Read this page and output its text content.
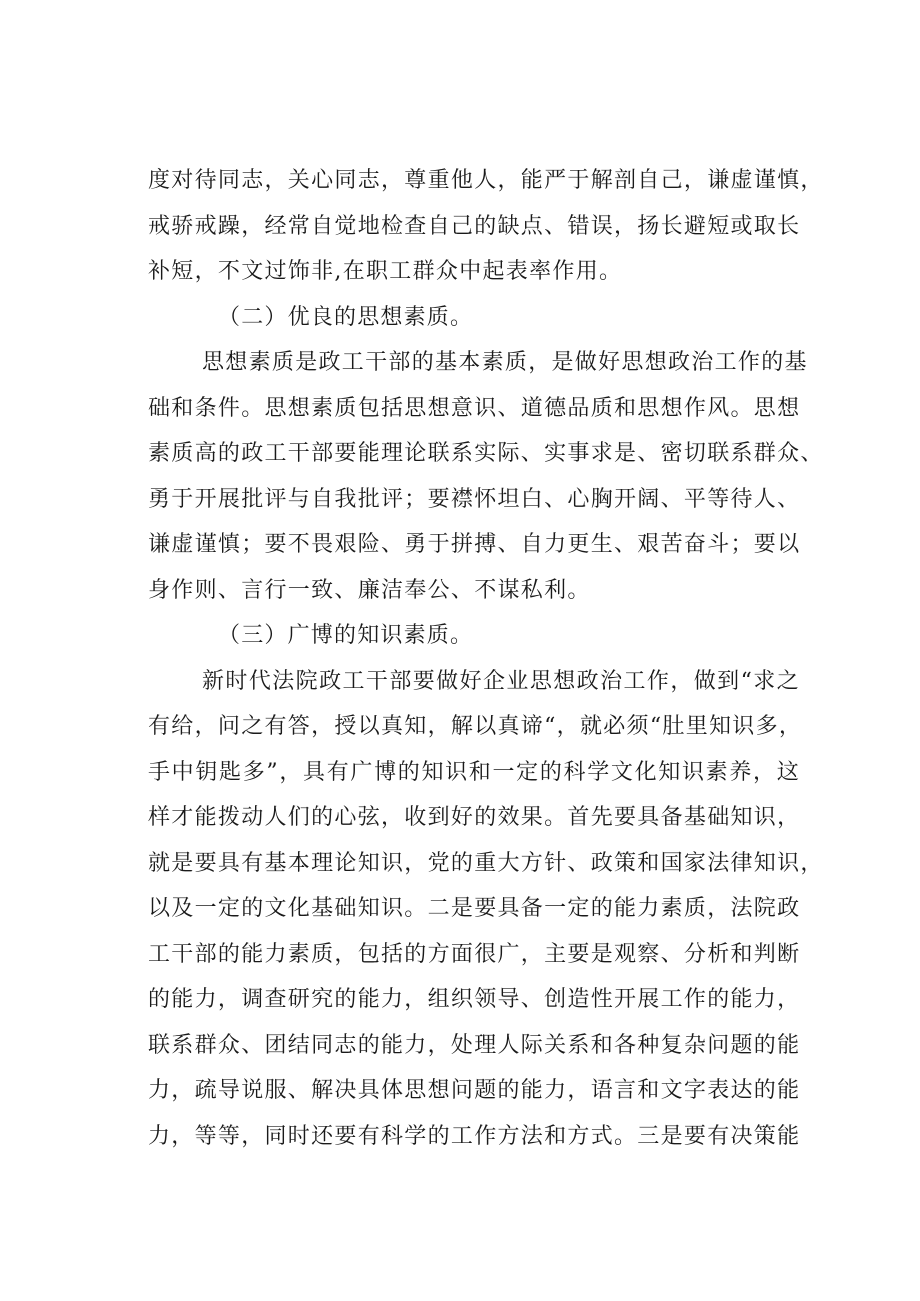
度对待同志，关心同志，尊重他人，能严于解剖自己，谦虚谨慎，
戒骄戒躁，经常自觉地检查自己的缺点、错误，扬长避短或取长
补短，不文过饰非,在职工群众中起表率作用。
（二）优良的思想素质。
思想素质是政工干部的基本素质，是做好思想政治工作的基
础和条件。思想素质包括思想意识、道德品质和思想作风。思想
素质高的政工干部要能理论联系实际、实事求是、密切联系群众、
勇于开展批评与自我批评；要襟怀坦白、心胸开阔、平等待人、
谦虚谨慎；要不畏艰险、勇于拼搏、自力更生、艰苦奋斗；要以
身作则、言行一致、廉洁奉公、不谋私利。
（三）广博的知识素质。
新时代法院政工干部要做好企业思想政治工作，做到“求之
有给，问之有答，授以真知，解以真谛“，就必须“肚里知识多，
手中钥匙多”，具有广博的知识和一定的科学文化知识素养，这
样才能拨动人们的心弦，收到好的效果。首先要具备基础知识，
就是要具有基本理论知识，党的重大方针、政策和国家法律知识，
以及一定的文化基础知识。二是要具备一定的能力素质，法院政
工干部的能力素质，包括的方面很广，主要是观察、分析和判断
的能力，调查研究的能力，组织领导、创造性开展工作的能力，
联系群众、团结同志的能力，处理人际关系和各种复杂问题的能
力，疏导说服、解决具体思想问题的能力，语言和文字表达的能
力，等等，同时还要有科学的工作方法和方式。三是要有决策能
